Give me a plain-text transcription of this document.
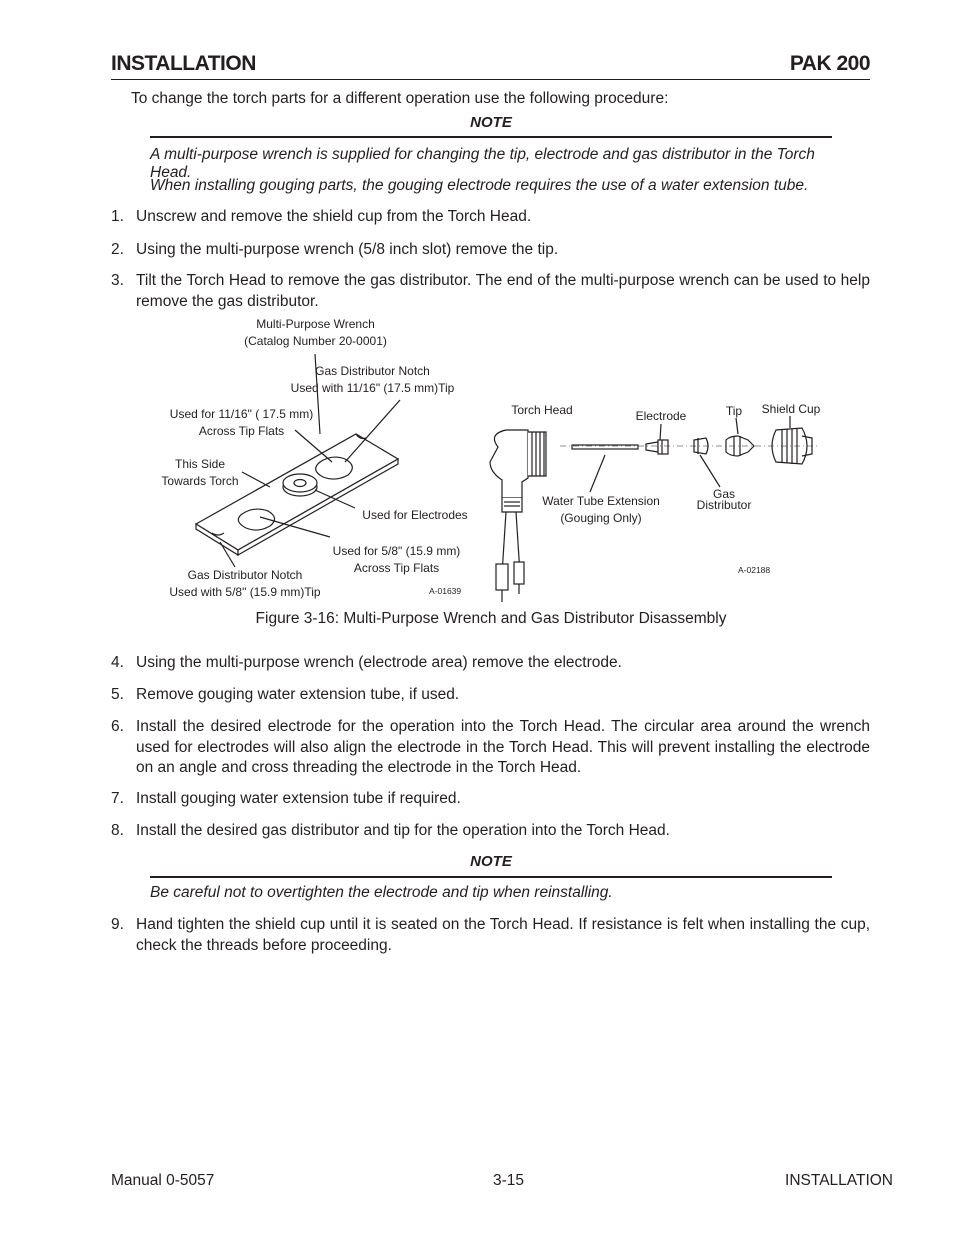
INSTALLATION	PAK 200
To change the torch parts for a different operation use the following procedure:
NOTE
A multi-purpose wrench is supplied for changing the tip, electrode and gas distributor in the Torch Head.
When installing gouging parts, the gouging electrode requires the use of a water extension tube.
1. Unscrew and remove the shield cup from the Torch Head.
2. Using the multi-purpose wrench (5/8 inch slot) remove the tip.
3. Tilt the Torch Head to remove the gas distributor. The end of the multi-purpose wrench can be used to help remove the gas distributor.
Multi-Purpose Wrench
(Catalog Number 20-0001)
Gas Distributor Notch
Used with 11/16" (17.5 mm)Tip
Used for 11/16" ( 17.5 mm)
Across Tip Flats
This Side
Towards Torch
Used for Electrodes
Used for 5/8" (15.9 mm)
Across Tip Flats
Gas Distributor Notch
Used with 5/8" (15.9 mm)Tip	A-01639
Torch Head	Electrode	Tip	Shield Cup
Water Tube Extension
(Gouging Only)
Gas
Distributor
A-02188
Figure 3-16: Multi-Purpose Wrench and Gas Distributor Disassembly
4. Using the multi-purpose wrench (electrode area) remove the electrode.
5. Remove gouging water extension tube, if used.
6. Install the desired electrode for the operation into the Torch Head. The circular area around the wrench used for electrodes will also align the electrode in the Torch Head. This will prevent installing the electrode on an angle and cross threading the electrode in the Torch Head.
7. Install gouging water extension tube if required.
8. Install the desired gas distributor and tip for the operation into the Torch Head.
NOTE
Be careful not to overtighten the electrode and tip when reinstalling.
9. Hand tighten the shield cup until it is seated on the Torch Head. If resistance is felt when installing the cup, check the threads before proceeding.
Manual 0-5057	3-15	INSTALLATION
